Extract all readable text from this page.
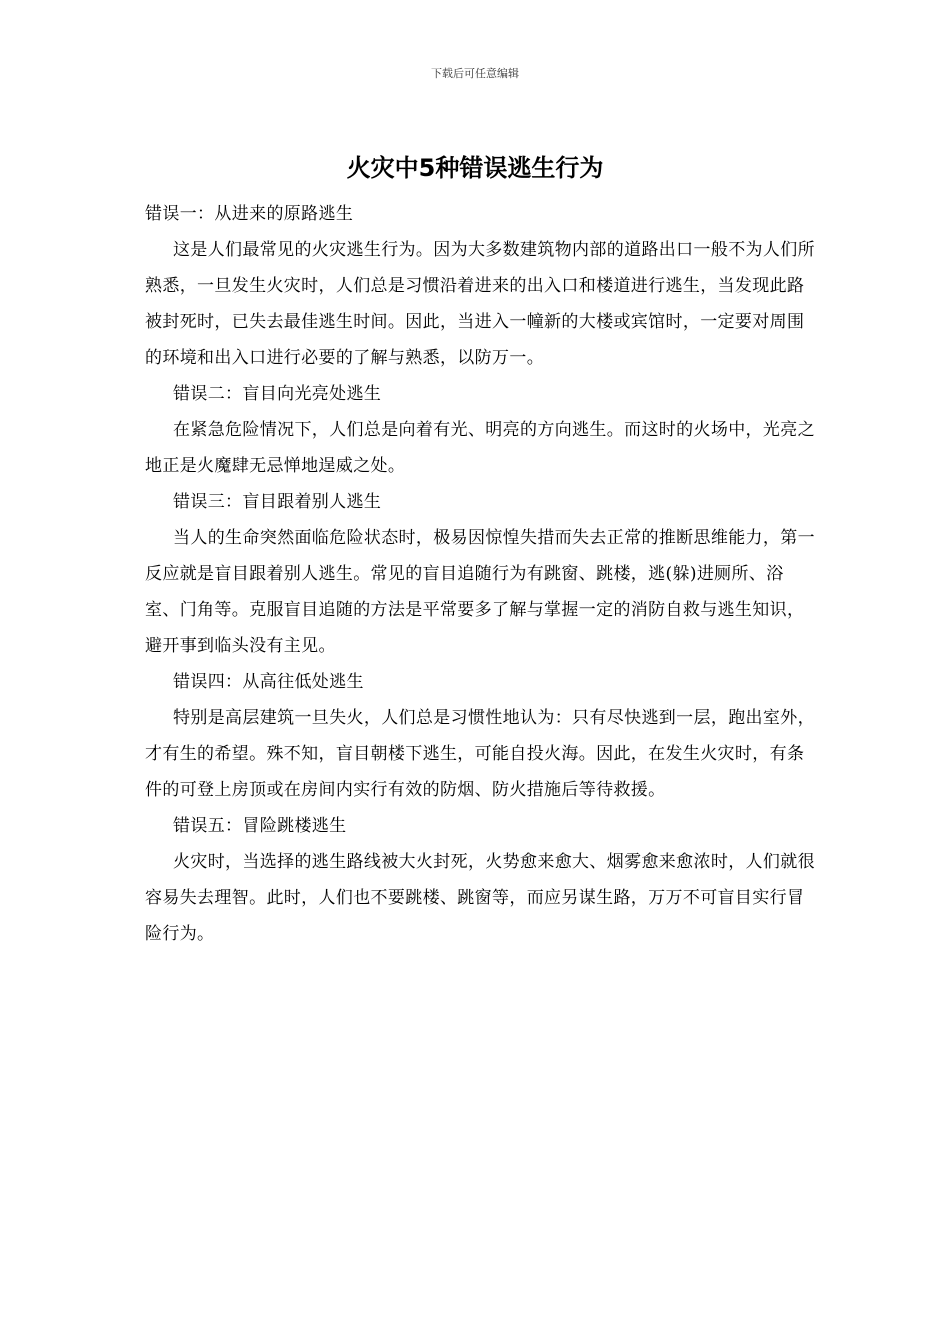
下载后可任意编辑
火灾中5种错误逃生行为

错误一：从进来的原路逃生

这是人们最常见的火灾逃生行为。因为大多数建筑物内部的道路出口一般不为人们所熟悉，一旦发生火灾时，人们总是习惯沿着进来的出入口和楼道进行逃生，当发现此路被封死时，已失去最佳逃生时间。因此，当进入一幢新的大楼或宾馆时，一定要对周围的环境和出入口进行必要的了解与熟悉，以防万一。

错误二：盲目向光亮处逃生

在紧急危险情况下，人们总是向着有光、明亮的方向逃生。而这时的火场中，光亮之地正是火魔肆无忌惮地逞威之处。

错误三：盲目跟着别人逃生

当人的生命突然面临危险状态时，极易因惊惶失措而失去正常的推断思维能力，第一反应就是盲目跟着别人逃生。常见的盲目追随行为有跳窗、跳楼，逃(躲)进厕所、浴室、门角等。克服盲目追随的方法是平常要多了解与掌握一定的消防自救与逃生知识，避开事到临头没有主见。

错误四：从高往低处逃生

特别是高层建筑一旦失火，人们总是习惯性地认为：只有尽快逃到一层，跑出室外，才有生的希望。殊不知，盲目朝楼下逃生，可能自投火海。因此，在发生火灾时，有条件的可登上房顶或在房间内实行有效的防烟、防火措施后等待救援。

错误五：冒险跳楼逃生

火灾时，当选择的逃生路线被大火封死，火势愈来愈大、烟雾愈来愈浓时，人们就很容易失去理智。此时，人们也不要跳楼、跳窗等，而应另谋生路，万万不可盲目实行冒险行为。
